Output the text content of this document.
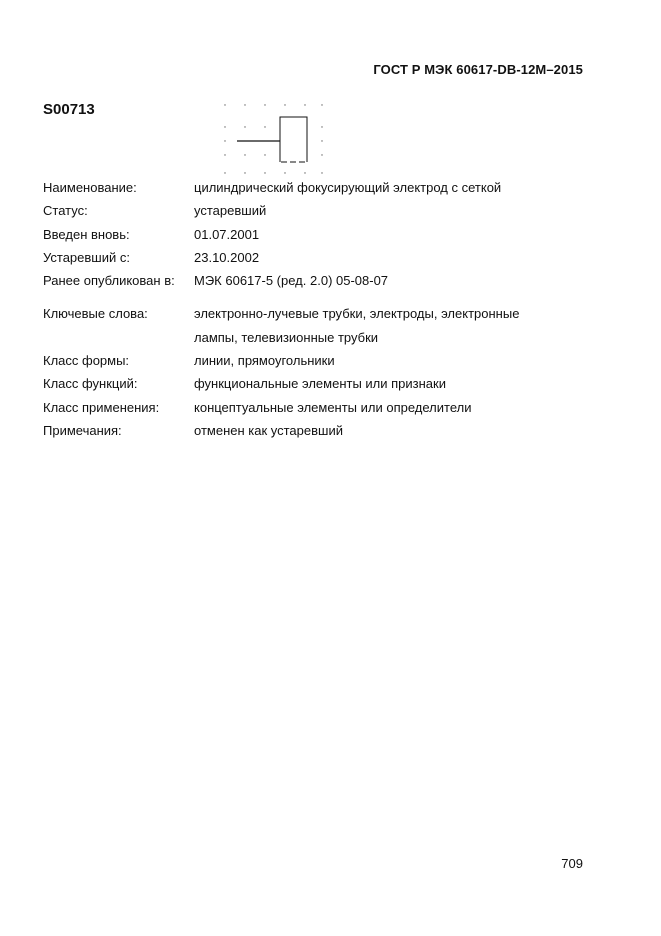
ГОСТ Р МЭК 60617-DB-12M–2015
S00713
Наименование:	цилиндрический фокусирующий электрод с сеткой
Статус:	устаревший
Введен вновь:	01.07.2001
Устаревший с:	23.10.2002
Ранее опубликован в:	МЭК 60617-5 (ред. 2.0) 05-08-07
Ключевые слова:	электронно-лучевые трубки, электроды, электронные
лампы, телевизионные трубки
Класс формы:	линии, прямоугольники
Класс функций:	функциональные элементы или признаки
Класс применения:	концептуальные элементы или определители
Примечания:	отменен как устаревший
709
